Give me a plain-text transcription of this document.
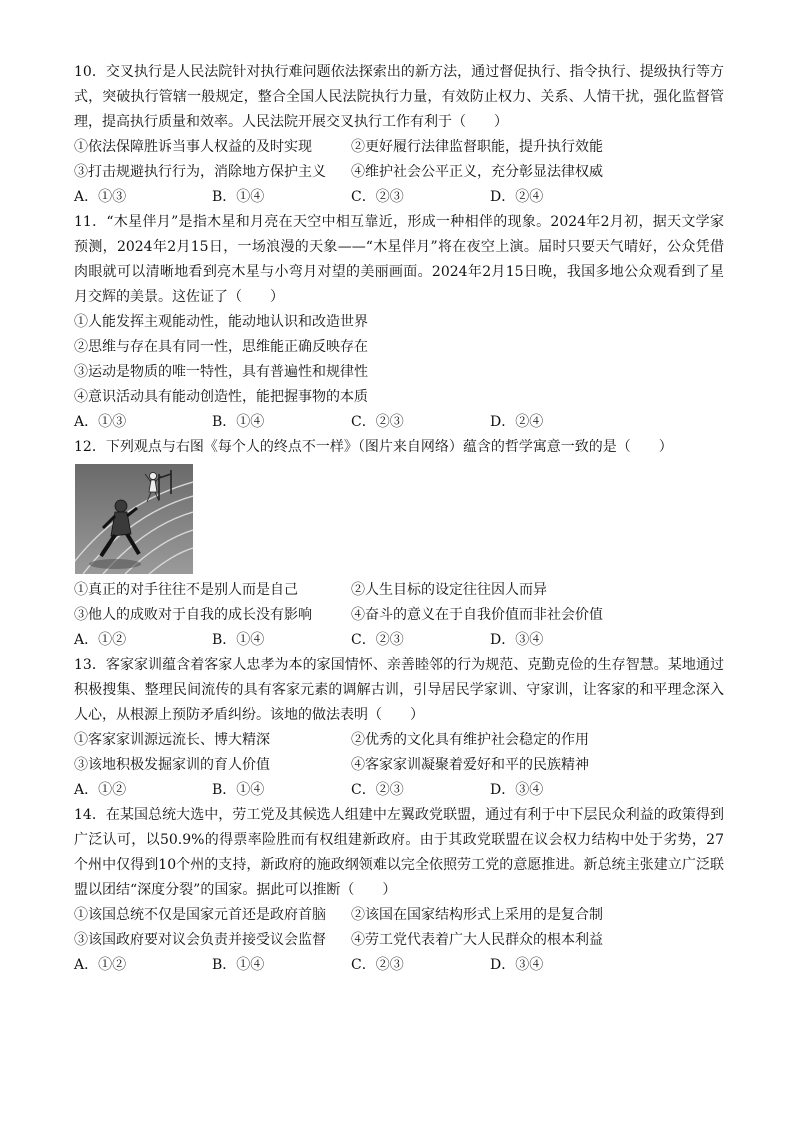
10．交叉执行是人民法院针对执行难问题依法探索出的新方法，通过督促执行、指令执行、提级执行等方式，突破执行管辖一般规定，整合全国人民法院执行力量，有效防止权力、关系、人情干扰，强化监督管理，提高执行质量和效率。人民法院开展交叉执行工作有利于（　　）
①依法保障胜诉当事人权益的及时实现	②更好履行法律监督职能，提升执行效能
③打击规避执行行为，消除地方保护主义 ④维护社会公平正义，充分彰显法律权威
A．①③	B．①④	C．②③	D．②④
11．“木星伴月”是指木星和月亮在天空中相互靠近，形成一种相伴的现象。2024年2月初，据天文学家预测，2024年2月15日，一场浪漫的天象——“木星伴月”将在夜空上演。届时只要天气晴好，公众凭借肉眼就可以清晰地看到亮木星与小弯月对望的美丽画面。2024年2月15日晚，我国多地公众观看到了星月交辉的美景。这佐证了（　　）
①人能发挥主观能动性，能动地认识和改造世界
②思维与存在具有同一性，思维能正确反映存在
③运动是物质的唯一特性，具有普遍性和规律性
④意识活动具有能动创造性，能把握事物的本质
A．①③	B．①④	C．②③	D．②④
12．下列观点与右图《每个人的终点不一样》（图片来自网络）蕴含的哲学寓意一致的是（　　）
①真正的对手往往不是别人而是自己	②人生目标的设定往往因人而异
③他人的成败对于自我的成长没有影响	④奋斗的意义在于自我价值而非社会价值
A．①②	B．①④	C．②③	D．③④
13．客家家训蕴含着客家人忠孝为本的家国情怀、亲善睦邻的行为规范、克勤克俭的生存智慧。某地通过积极搜集、整理民间流传的具有客家元素的调解古训，引导居民学家训、守家训，让客家的和平理念深入人心，从根源上预防矛盾纠纷。该地的做法表明（　　）
①客家家训源远流长、博大精深	②优秀的文化具有维护社会稳定的作用
③该地积极发掘家训的育人价值	④客家家训凝聚着爱好和平的民族精神
A．①②	B．①④	C．②③	D．③④
14．在某国总统大选中，劳工党及其候选人组建中左翼政党联盟，通过有利于中下层民众利益的政策得到广泛认可，以50.9%的得票率险胜而有权组建新政府。由于其政党联盟在议会权力结构中处于劣势，27个州中仅得到10个州的支持，新政府的施政纲领难以完全依照劳工党的意愿推进。新总统主张建立广泛联盟以团结“深度分裂”的国家。据此可以推断（　　）
①该国总统不仅是国家元首还是政府首脑 ②该国在国家结构形式上采用的是复合制
③该国政府要对议会负责并接受议会监督 ④劳工党代表着广大人民群众的根本利益
A．①②	B．①④	C．②③	D．③④
